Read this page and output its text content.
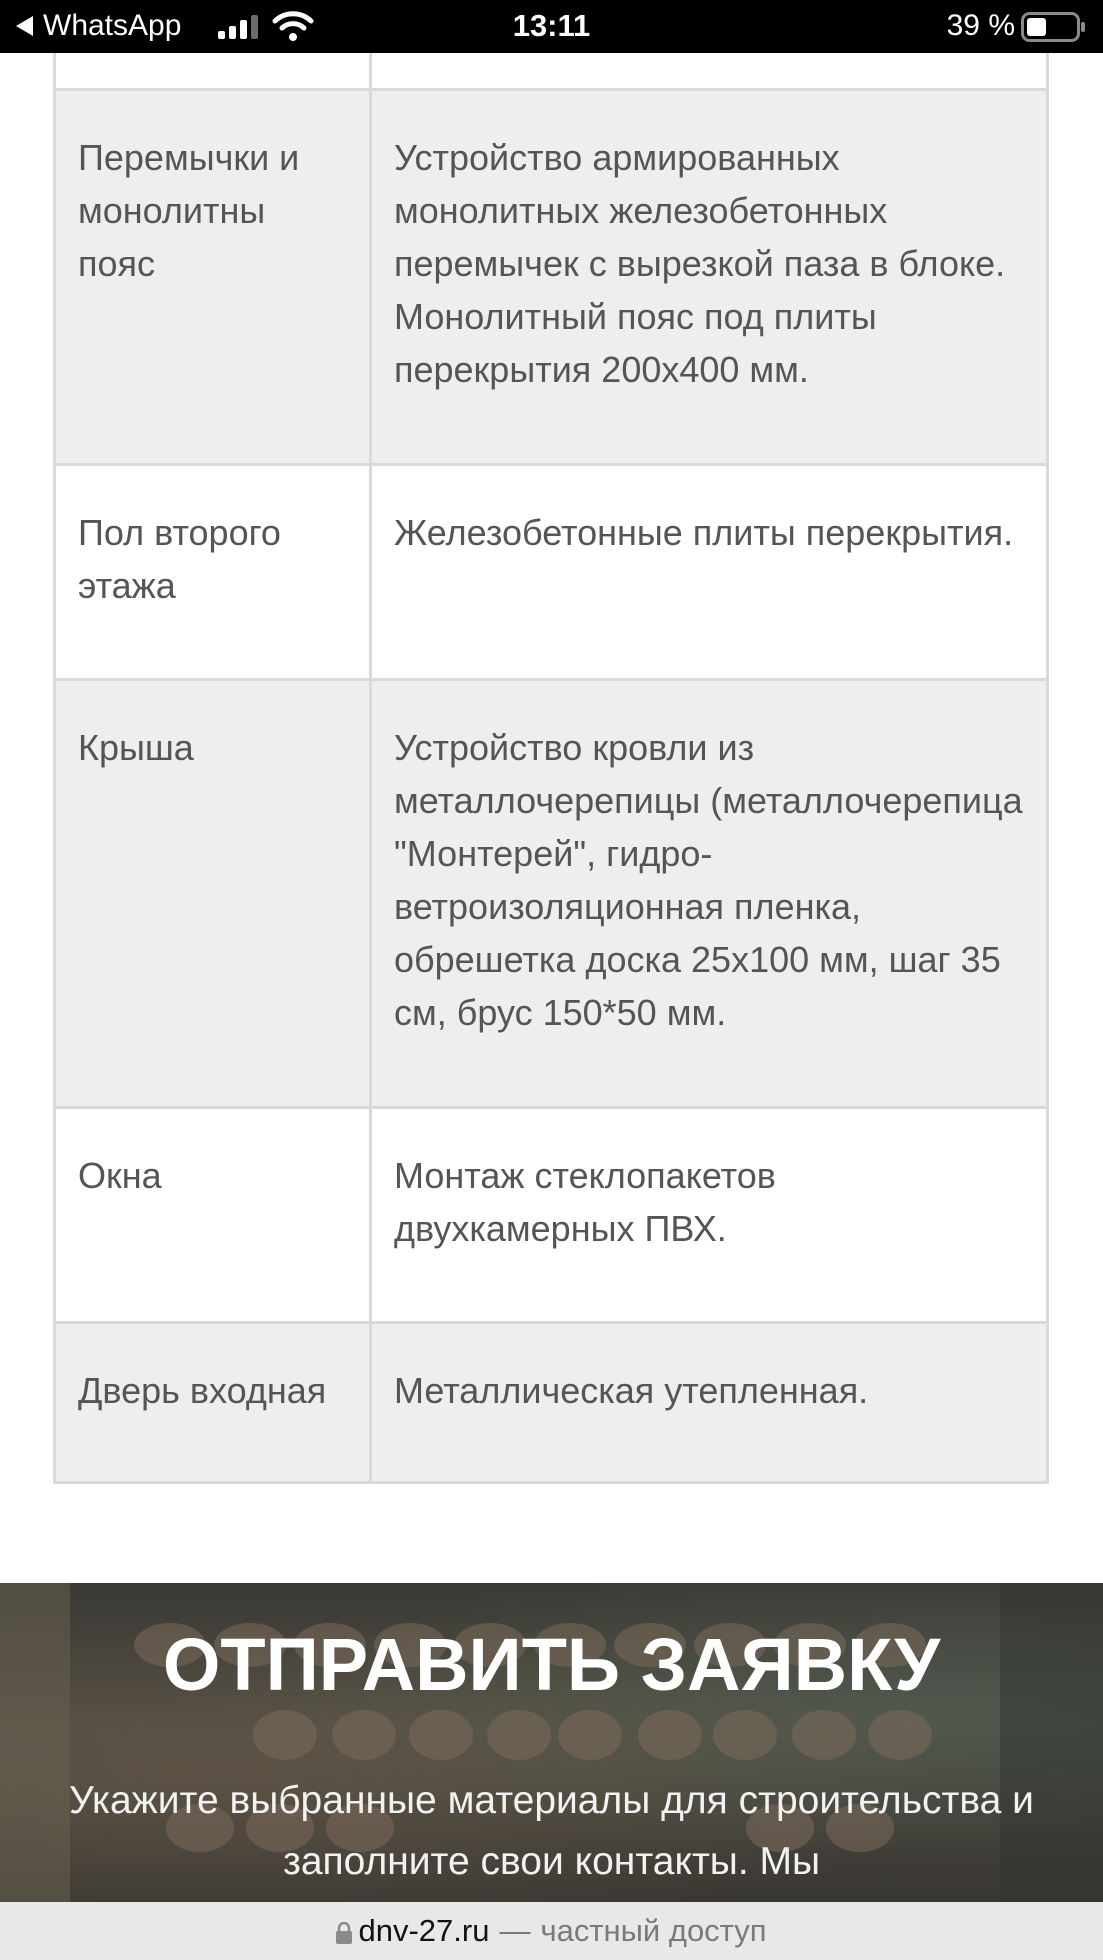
Перемычки и монолитны пояс	Устройство армированных монолитных железобетонных перемычек с вырезкой паза в блоке. Монолитный пояс под плиты перекрытия 200х400 мм.

Пол второго этажа	Железобетонные плиты перекрытия.

Крыша	Устройство кровли из металлочерепицы (металлочерепица "Монтерей", гидро-ветроизоляционная пленка, обрешетка доска 25х100 мм, шаг 35 см, брус 150*50 мм.

Окна	Монтаж стеклопакетов двухкамерных ПВХ.

Дверь входная	Металлическая утепленная.
ОТПРАВИТЬ ЗАЯВКУ
Укажите выбранные материалы для строительства и заполните свои контакты. Мы
WhatsApp	13:11	39 %
dnv-27.ru — частный доступ
